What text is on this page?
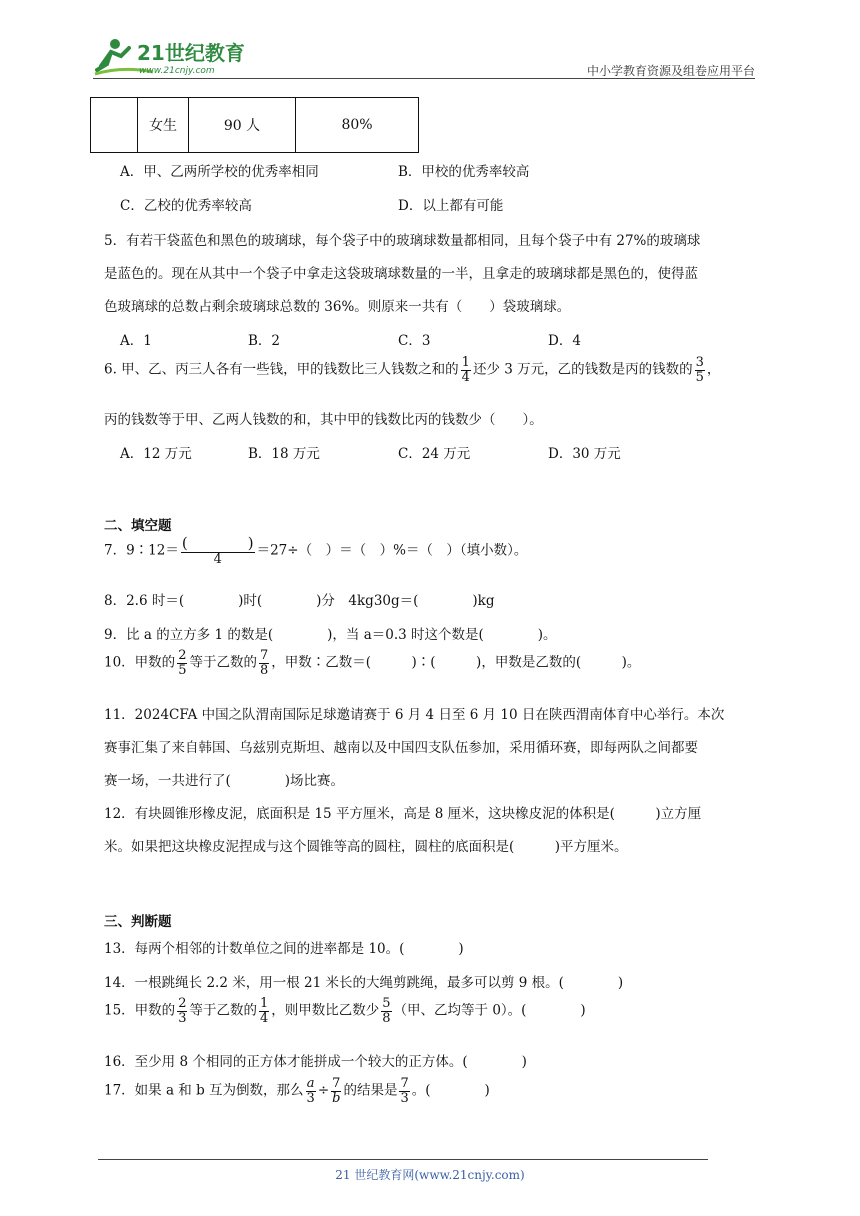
21世纪教育
www.21cnjy.com	中小学教育资源及组卷应用平台
	女生	90 人	80%
A．甲、乙两所学校的优秀率相同	B．甲校的优秀率较高
C．乙校的优秀率较高	D．以上都有可能
5．有若干袋蓝色和黑色的玻璃球，每个袋子中的玻璃球数量都相同，且每个袋子中有 27%的玻璃球
是蓝色的。现在从其中一个袋子中拿走这袋玻璃球数量的一半，且拿走的玻璃球都是黑色的，使得蓝
色玻璃球的总数占剩余玻璃球总数的 36%。则原来一共有（　　）袋玻璃球。
A．1	B．2	C．3	D．4
6. 甲、乙、丙三人各有一些钱，甲的钱数比三人钱数之和的 $\frac{1}{4}$ 还少 3 万元，乙的钱数是丙的钱数的 $\frac{3}{5}$ ，
丙的钱数等于甲、乙两人钱数的和，其中甲的钱数比丙的钱数少（　　）。
A．12 万元	B．18 万元	C．24 万元	D．30 万元
二、填空题
7．9∶12＝ $\frac{( )}{4} =27\div$（　）＝（　）%＝（　）（填小数）。
8．2.6 时＝(　　　　)时(　　　　)分　4kg30g＝(　　　　)kg
9．比 a 的立方多 1 的数是(　　　　)，当 a＝0.3 时这个数是(　　　　)。
10．甲数的 $\frac{2}{5}$ 等于乙数的 $\frac{7}{8}$ ，甲数∶乙数＝(　　　)∶(　　　)，甲数是乙数的(　　　)。
11．2024CFA 中国之队渭南国际足球邀请赛于 6 月 4 日至 6 月 10 日在陕西渭南体育中心举行。本次
赛事汇集了来自韩国、乌兹别克斯坦、越南以及中国四支队伍参加，采用循环赛，即每两队之间都要
赛一场，一共进行了(　　　　)场比赛。
12．有块圆锥形橡皮泥，底面积是 15 平方厘米，高是 8 厘米，这块橡皮泥的体积是(　　　)立方厘
米。如果把这块橡皮泥捏成与这个圆锥等高的圆柱，圆柱的底面积是(　　　)平方厘米。
三、判断题
13．每两个相邻的计数单位之间的进率都是 10。(　　　　)
14．一根跳绳长 2.2 米，用一根 21 米长的大绳剪跳绳，最多可以剪 9 根。(　　　　)
15．甲数的 $\frac{2}{3}$ 等于乙数的 $\frac{1}{4}$ ，则甲数比乙数少 $\frac{5}{8}$ （甲、乙均等于 0）。(　　　　)
16．至少用 8 个相同的正方体才能拼成一个较大的正方体。(　　　　)
17．如果 a 和 b 互为倒数，那么 $\frac{a}{3} \div \frac{7}{b}$ 的结果是 $\frac{7}{3}$ 。(　　　　)
21 世纪教育网(www.21cnjy.com)
